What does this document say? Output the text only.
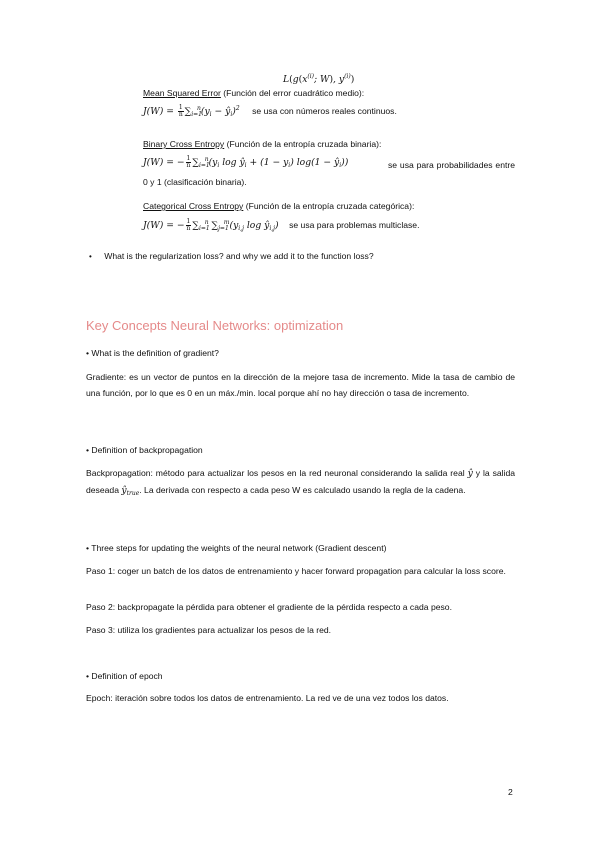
$L(g(x^{(i)}$; W), $y^{(i)}$)
Mean Squared Error (Función del error cuadrático medio):
$J(W) = \frac{1}{n} \sum_{i=1}^n(y_i$ − $ŷ_i)^2$ se usa con números reales continuos.
Binary Cross Entropy (Función de la entropía cruzada binaria):
J(W) = − $\frac{1}{n} \sum_{i=1}^n(y_i$ $\log ŷ_i + (1 - y_i) \log(1$ − $ŷ_i$))	se usa para probabilidades entre 0 y 1 (clasificación binaria).
Categorical Cross Entropy (Función de la entropía cruzada categórica):
J(W) = − $\frac{1}{n} \sum_{i=1}^n$ $\sum_{j=1}^m(y_{i,j}$ $\log ŷ_{i,j}$) se usa para problemas multiclase.
• What is the regularization loss? and why we add it to the function loss?
Key Concepts Neural Networks: optimization
• What is the definition of gradient?
Gradiente: es un vector de puntos en la dirección de la mejore tasa de incremento. Mide la tasa de cambio de una función, por lo que es 0 en un máx./min. local porque ahí no hay dirección o tasa de incremento.
• Definition of backpropagation
Backpropagation: método para actualizar los pesos en la red neuronal considerando la salida real ŷ y la salida deseada $ŷ_{true}$. La derivada con respecto a cada peso W es calculado usando la regla de la cadena.
• Three steps for updating the weights of the neural network (Gradient descent)
Paso 1: coger un batch de los datos de entrenamiento y hacer forward propagation para calcular la loss score.
Paso 2: backpropagate la pérdida para obtener el gradiente de la pérdida respecto a cada peso.
Paso 3: utiliza los gradientes para actualizar los pesos de la red.
• Definition of epoch
Epoch: iteración sobre todos los datos de entrenamiento. La red ve de una vez todos los datos.
2
